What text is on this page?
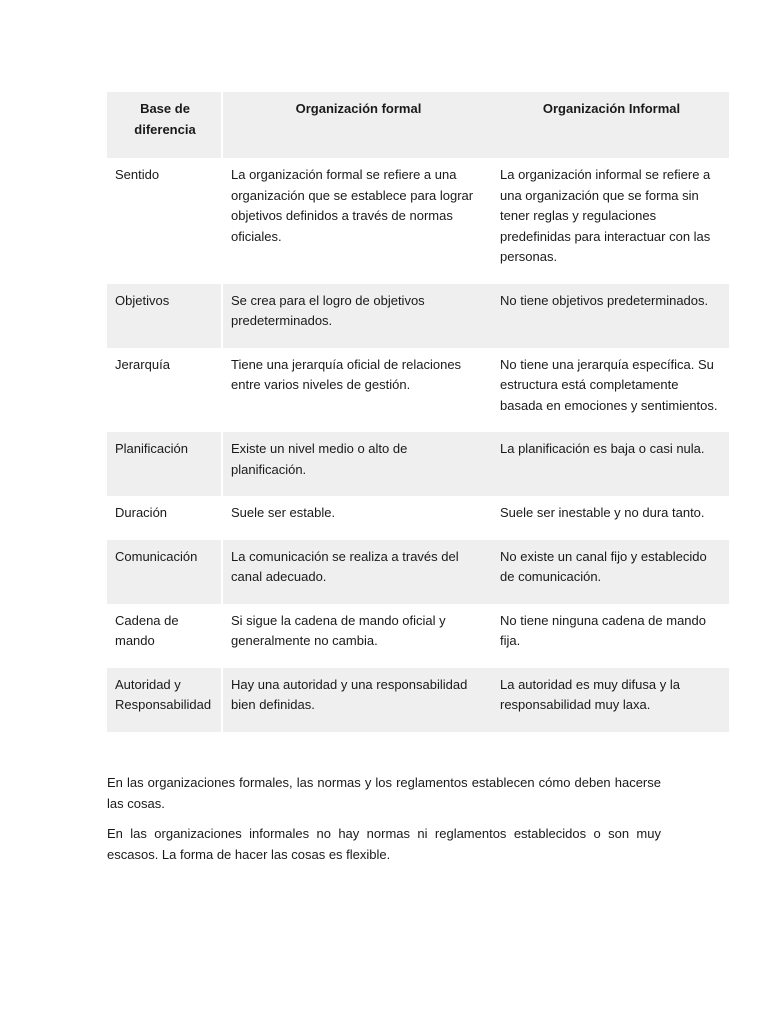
Base de diferencia	Organización formal	Organización Informal
Sentido	La organización formal se refiere a una organización que se establece para lograr objetivos definidos a través de normas oficiales.	La organización informal se refiere a una organización que se forma sin tener reglas y regulaciones predefinidas para interactuar con las personas.
Objetivos	Se crea para el logro de objetivos predeterminados.	No tiene objetivos predeterminados.
Jerarquía	Tiene una jerarquía oficial de relaciones entre varios niveles de gestión.	No tiene una jerarquía específica. Su estructura está completamente basada en emociones y sentimientos.
Planificación	Existe un nivel medio o alto de planificación.	La planificación es baja o casi nula.
Duración	Suele ser estable.	Suele ser inestable y no dura tanto.
Comunicación	La comunicación se realiza a través del canal adecuado.	No existe un canal fijo y establecido de comunicación.
Cadena de mando	Si sigue la cadena de mando oficial y generalmente no cambia.	No tiene ninguna cadena de mando fija.
Autoridad y Responsabilidad	Hay una autoridad y una responsabilidad bien definidas.	La autoridad es muy difusa y la responsabilidad muy laxa.

En las organizaciones formales, las normas y los reglamentos establecen cómo deben hacerse las cosas.

En las organizaciones informales no hay normas ni reglamentos establecidos o son muy escasos. La forma de hacer las cosas es flexible.
